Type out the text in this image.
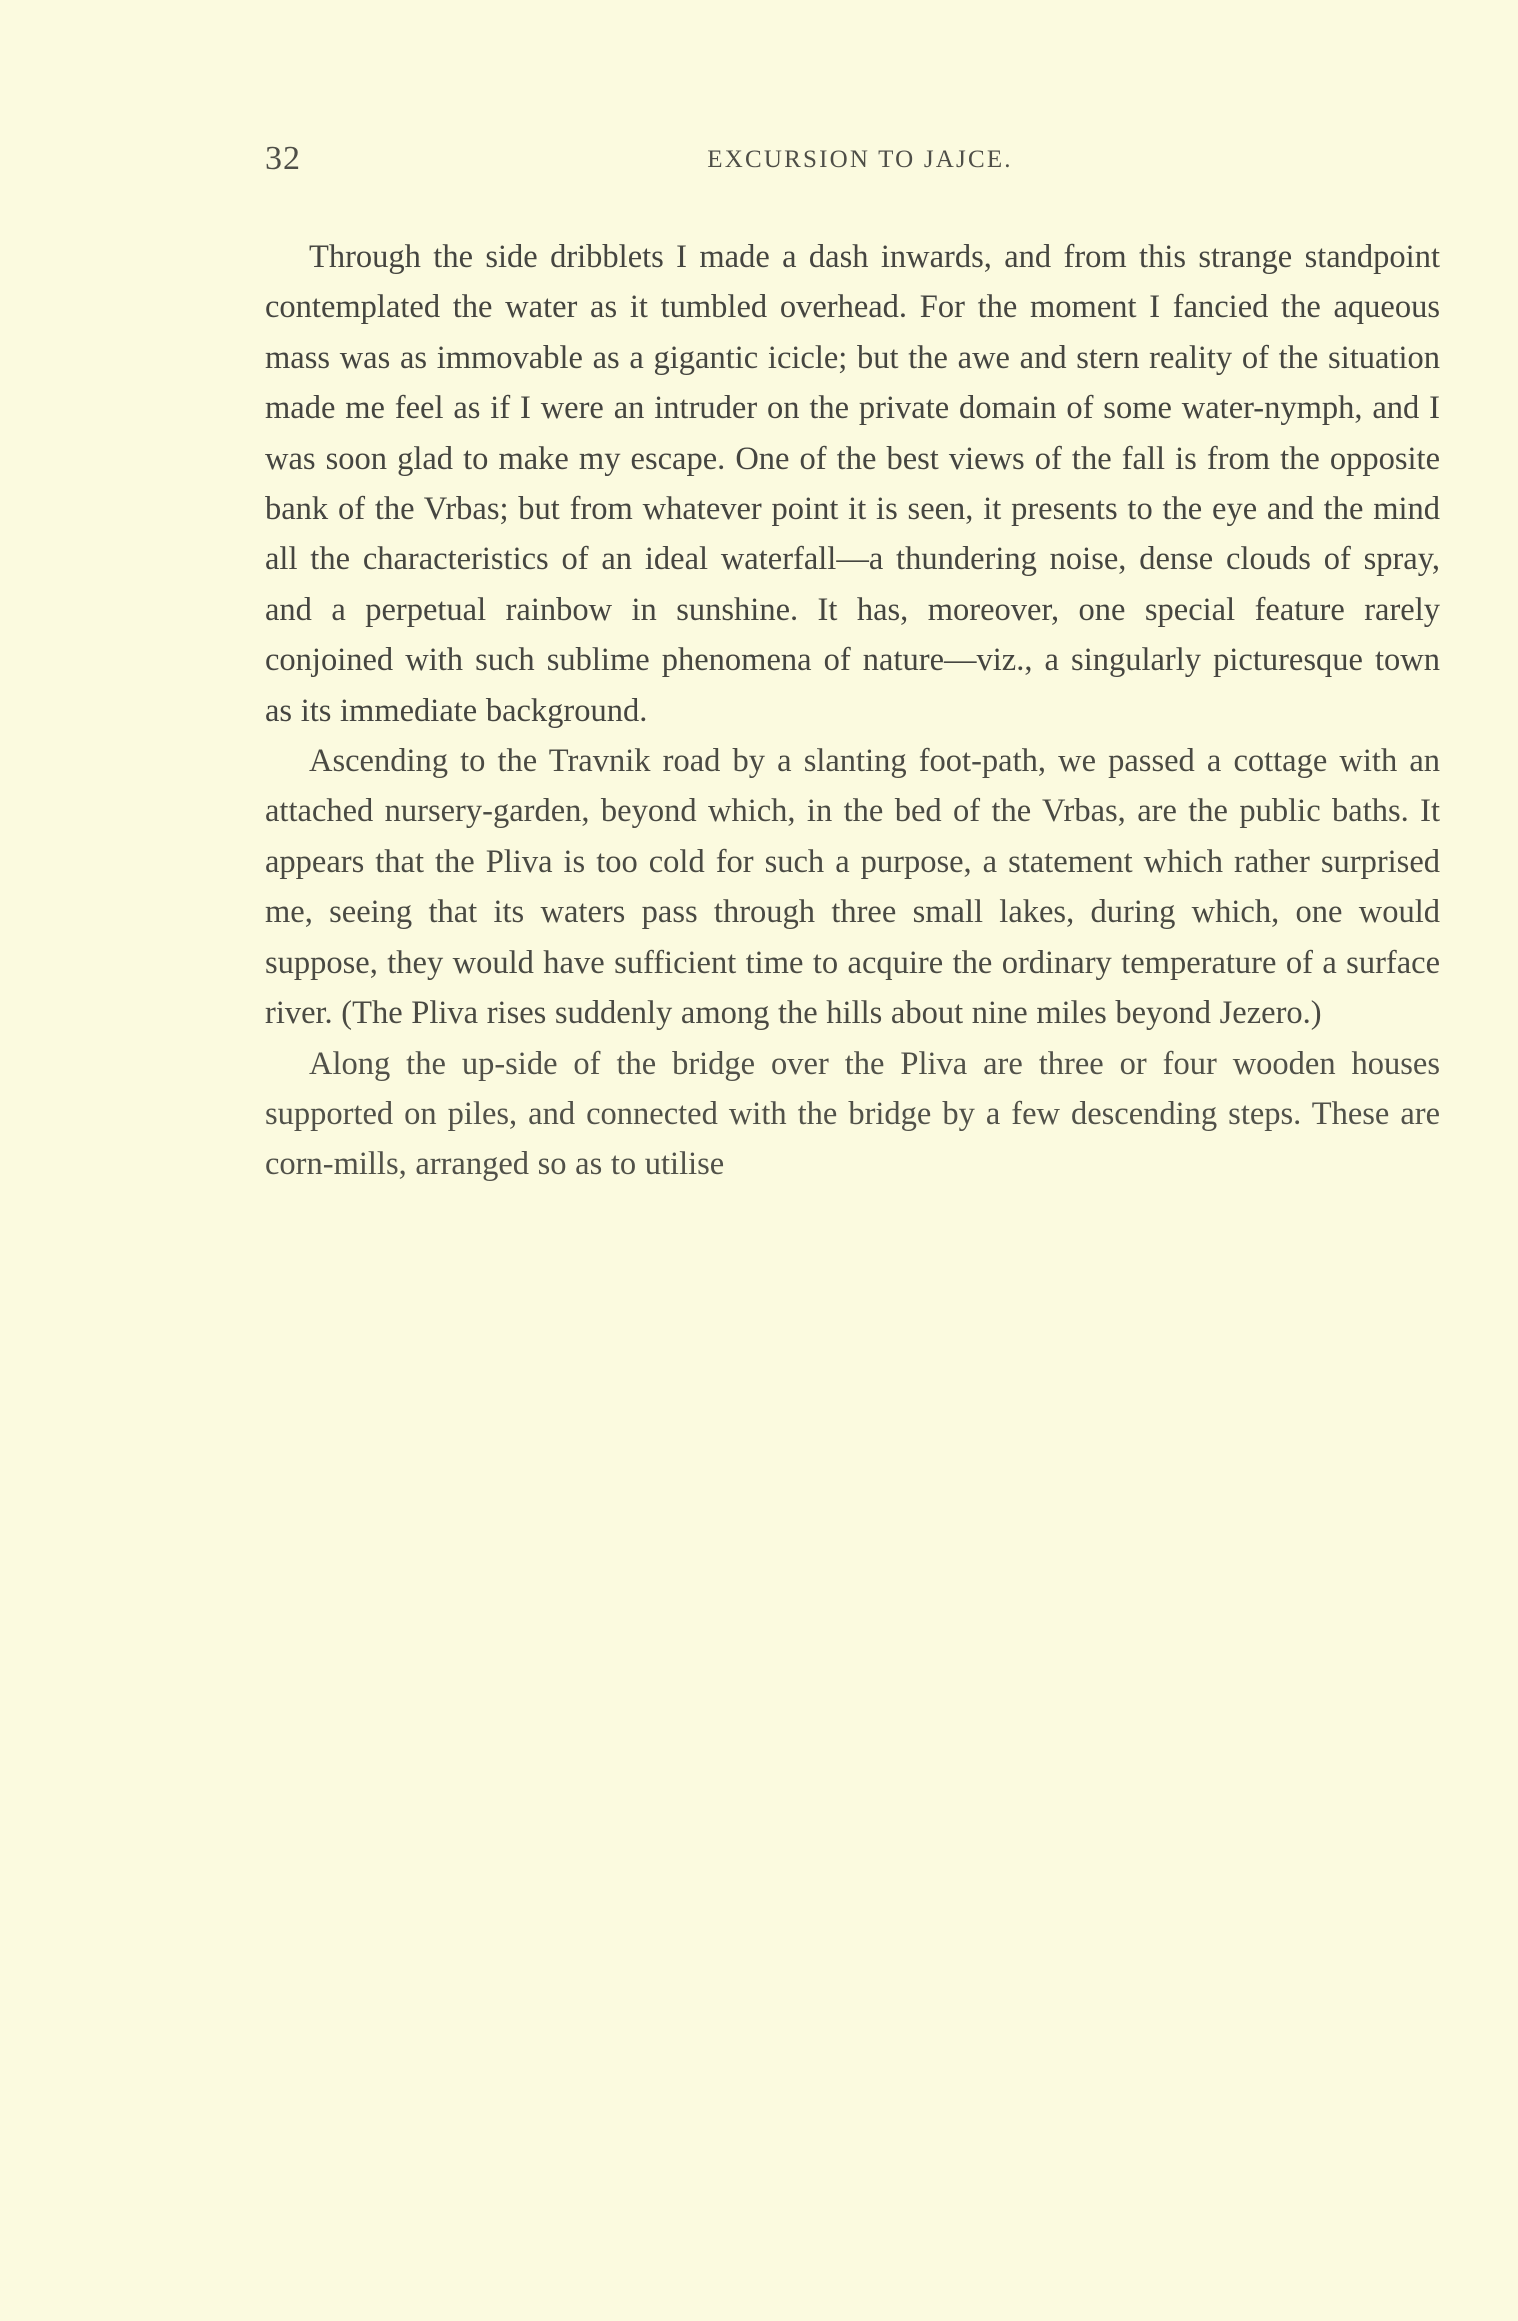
32	EXCURSION TO JAJCE.

Through the side dribblets I made a dash inwards, and from this strange standpoint contemplated the water as it tumbled overhead. For the moment I fancied the aqueous mass was as immovable as a gigantic icicle; but the awe and stern reality of the situation made me feel as if I were an intruder on the private domain of some water-nymph, and I was soon glad to make my escape. One of the best views of the fall is from the opposite bank of the Vrbas; but from whatever point it is seen, it presents to the eye and the mind all the characteristics of an ideal waterfall—a thundering noise, dense clouds of spray, and a perpetual rainbow in sunshine. It has, moreover, one special feature rarely conjoined with such sublime phenomena of nature—viz., a singularly picturesque town as its immediate background.

Ascending to the Travnik road by a slanting foot-path, we passed a cottage with an attached nursery-garden, beyond which, in the bed of the Vrbas, are the public baths. It appears that the Pliva is too cold for such a purpose, a statement which rather surprised me, seeing that its waters pass through three small lakes, during which, one would suppose, they would have sufficient time to acquire the ordinary temperature of a surface river. (The Pliva rises suddenly among the hills about nine miles beyond Jezero.)

Along the up-side of the bridge over the Pliva are three or four wooden houses supported on piles, and connected with the bridge by a few descending steps. These are corn-mills, arranged so as to utilise
